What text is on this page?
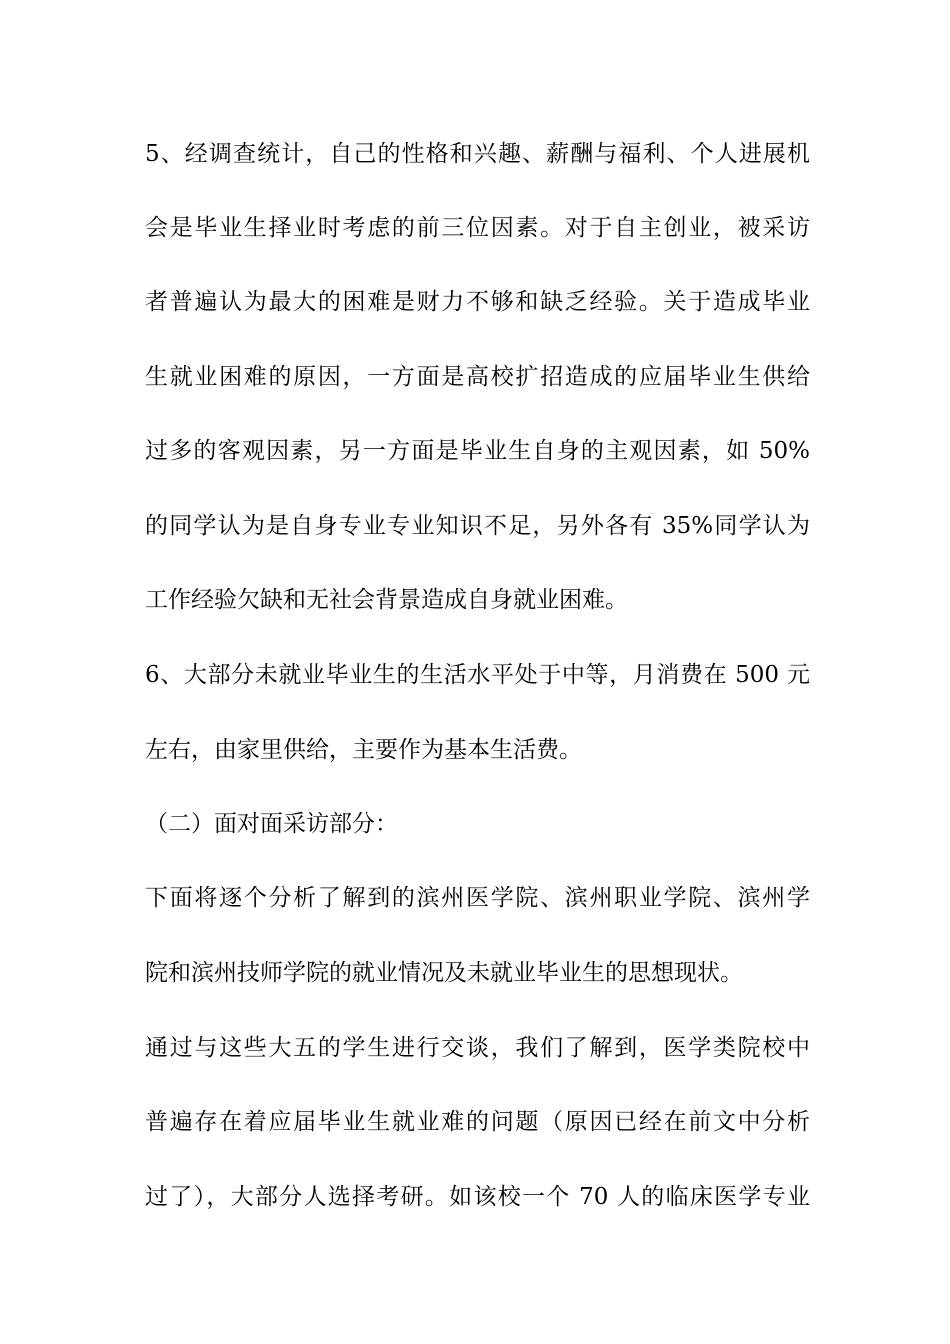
5、经调查统计，自己的性格和兴趣、薪酬与福利、个人进展机
会是毕业生择业时考虑的前三位因素。对于自主创业，被采访
者普遍认为最大的困难是财力不够和缺乏经验。关于造成毕业
生就业困难的原因，一方面是高校扩招造成的应届毕业生供给
过多的客观因素，另一方面是毕业生自身的主观因素，如 50%
的同学认为是自身专业专业知识不足，另外各有 35%同学认为
工作经验欠缺和无社会背景造成自身就业困难。
6、大部分未就业毕业生的生活水平处于中等，月消费在 500 元
左右，由家里供给，主要作为基本生活费。
（二）面对面采访部分：
下面将逐个分析了解到的滨州医学院、滨州职业学院、滨州学
院和滨州技师学院的就业情况及未就业毕业生的思想现状。
通过与这些大五的学生进行交谈，我们了解到，医学类院校中
普遍存在着应届毕业生就业难的问题（原因已经在前文中分析
过了），大部分人选择考研。如该校一个 70 人的临床医学专业
